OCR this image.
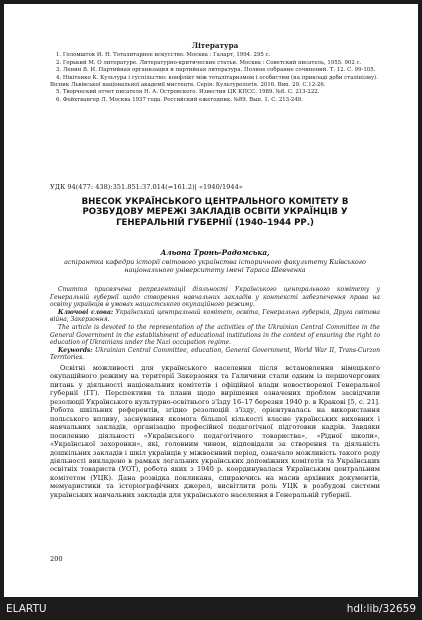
Література
1. Голомшток И. Н. Тоталитарное искусство. Москва : Галарт, 1994. 295 с.
2. Горький М. О литературе. Литературно-критические статьи. Москва : Советский писатель, 1955. 902 с.
3. Ленин В. И. Партийная организация и партийная литература. Полное собрание сочинений. Т. 12. С. 99-105.
4. Нікітенко К. Культура і суспільство: конфлікт між тоталітаризмом і особистим (на прикладі доби сталінізму). Вісник Львівської національної академії мистецтв. Серія: Культурологія. 2016. Вип. 29. С.12-26.
5. Творческий отчет писателя Н. А. Островского. Известия ЦК КПСС. 1989. №8. С. 213-222.
6. Фейхтвангер Л. Москва 1937 года. Российский ежегодник. №89. Вып. 1. С. 213-248.
УДК 94(477: 438):351.851:37.014(=161.2)| «1940/1944»
ВНЕСОК УКРАЇНСЬКОГО ЦЕНТРАЛЬНОГО КОМІТЕТУ В РОЗБУДОВУ МЕРЕЖІ ЗАКЛАДІВ ОСВІТИ УКРАЇНЦІВ У ГЕНЕРАЛЬНІЙ ГУБЕРНІЇ (1940–1944 РР.)
Альона Тронь-Радомська,
аспірантка кафедри історії світового українства історичного факультету Київського національного університету імені Тараса Шевченка

Стаття присвячена репрезентації діяльності Українського центрального комітету у Генеральній губернії щодо створення навчальних закладів у контексті забезпечення права на освіту українців в умовах нацистського окупаційного режиму.

Ключові слова: Український центральний комітет, освіта, Генеральна губернія, Друга світова війна, Закерзоння.

The article is devoted to the representation of the activities of the Ukrainian Central Committee in the General Government in the establishment of educational institutions in the context of ensuring the right to education of Ukrainians under the Nazi occupation regime.

Keywords: Ukrainian Central Committee, education, General Government, World War II, Trans-Curzon Territories.

Освітні можливості для українського населення після встановлення німецького окупаційного режиму на території Закерзоння та Галичини стали одним із першочергових питань у діяльності національних комітетів і офіційної влади новоствореної Генеральної губернії (ГГ). Перспективи та плани щодо вирішення означених проблем засвідчили резолюції Українського культурно-освітнього з'їзду 16–17 березня 1940 р. в Кракові [5, с. 21]. Робота шкільних референтів, згідно резолюцій з'їзду, орієнтувалась на використання польського впливу, заснування якомога більшої кількості власне українських виховних і навчальних закладів, організацію професійної педагогічної підготовки кадрів. Завдяки посиленню діяльності «Українського педагогічного товариства», «Рідної школи», «Української захоронки», які, головним чином, відповідали за створення та діяльність дошкільних закладів і шкіл українців у міжвоєнний період, означало можливість такого роду діяльності викладено в рамках легальних українських допоміжних комітетів та Українських освітніх товариств (УОТ), робота яких з 1940 р. координувалася Українським центральним комітетом (УЦК). Дана розвідка покликана, спираючись на масив архівних документів, мемуаристики та історіографічних джерел, висвітлити роль УЦК в розбудові системи українських навчальних закладів для українського населення в Генеральній губернії.

200
ELARTU	hdl:lib/32659
